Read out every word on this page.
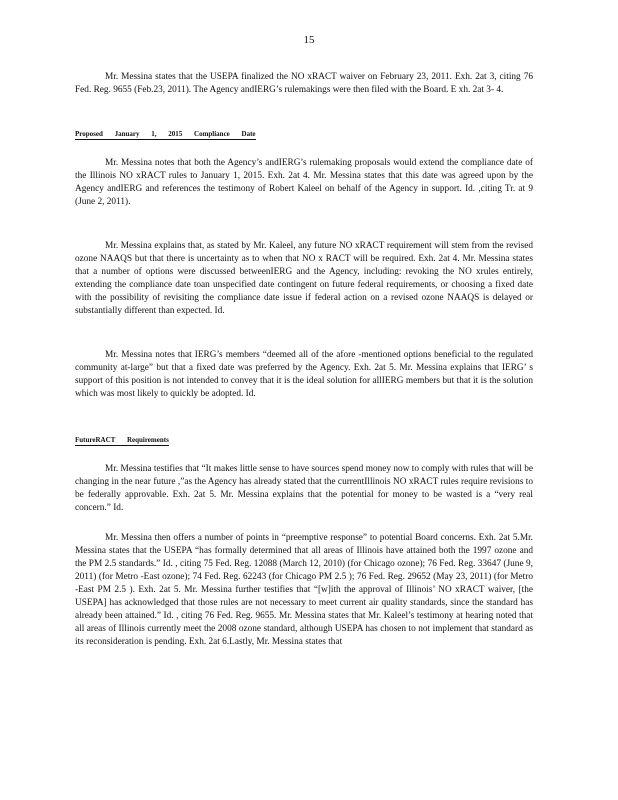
15

Mr. Messina states that the USEPA finalized the NO xRACT waiver on February 23, 2011. Exh. 2at 3, citing 76 Fed. Reg. 9655 (Feb.23, 2011). The Agency andIERG’s rulemakings were then filed with the Board. E xh. 2at 3- 4.

Proposed January 1, 2015 Compliance Date

Mr. Messina notes that both the Agency’s andIERG’s rulemaking proposals would extend the compliance date of the Illinois NO xRACT rules to January 1, 2015. Exh. 2at 4. Mr. Messina states that this date was agreed upon by the Agency andIERG and references the testimony of Robert Kaleel on behalf of the Agency in support. Id. ,citing Tr. at 9 (June 2, 2011).

Mr. Messina explains that, as stated by Mr. Kaleel, any future NO xRACT requirement will stem from the revised ozone NAAQS but that there is uncertainty as to when that NO x RACT will be required. Exh. 2at 4. Mr. Messina states that a number of options were discussed betweenIERG and the Agency, including: revoking the NO xrules entirely, extending the compliance date toan unspecified date contingent on future federal requirements, or choosing a fixed date with the possibility of revisiting the compliance date issue if federal action on a revised ozone NAAQS is delayed or substantially different than expected. Id.

Mr. Messina notes that IERG’s members “deemed all of the afore -mentioned options beneficial to the regulated community at-large” but that a fixed date was preferred by the Agency. Exh. 2at 5. Mr. Messina explains that IERG’ s support of this position is not intended to convey that it is the ideal solution for allIERG members but that it is the solution which was most likely to quickly be adopted. Id.

FutureRACT Requirements

Mr. Messina testifies that “It makes little sense to have sources spend money now to comply with rules that will be changing in the near future ,”as the Agency has already stated that the currentIllinois NO xRACT rules require revisions to be federally approvable. Exh. 2at 5. Mr. Messina explains that the potential for money to be wasted is a “very real concern.” Id.

Mr. Messina then offers a number of points in “preemptive response” to potential Board concerns. Exh. 2at 5.Mr. Messina states that the USEPA “has formally determined that all areas of Illinois have attained both the 1997 ozone and the PM 2.5 standards.” Id. , citing 75 Fed. Reg. 12088 (March 12, 2010) (for Chicago ozone); 76 Fed. Reg. 33647 (June 9, 2011) (for Metro -East ozone); 74 Fed. Reg. 62243 (for Chicago PM 2.5 ); 76 Fed. Reg. 29652 (May 23, 2011) (for Metro -East PM 2.5 ). Exh. 2at 5. Mr. Messina further testifies that “[w]ith the approval of Illinois’ NO xRACT waiver, [the USEPA] has acknowledged that those rules are not necessary to meet current air quality standards, since the standard has already been attained.” Id. , citing 76 Fed. Reg. 9655. Mr. Messina states that Mr. Kaleel’s testimony at hearing noted that all areas of Illinois currently meet the 2008 ozone standard, although USEPA has chosen to not implement that standard as its reconsideration is pending. Exh. 2at 6.Lastly, Mr. Messina states that
